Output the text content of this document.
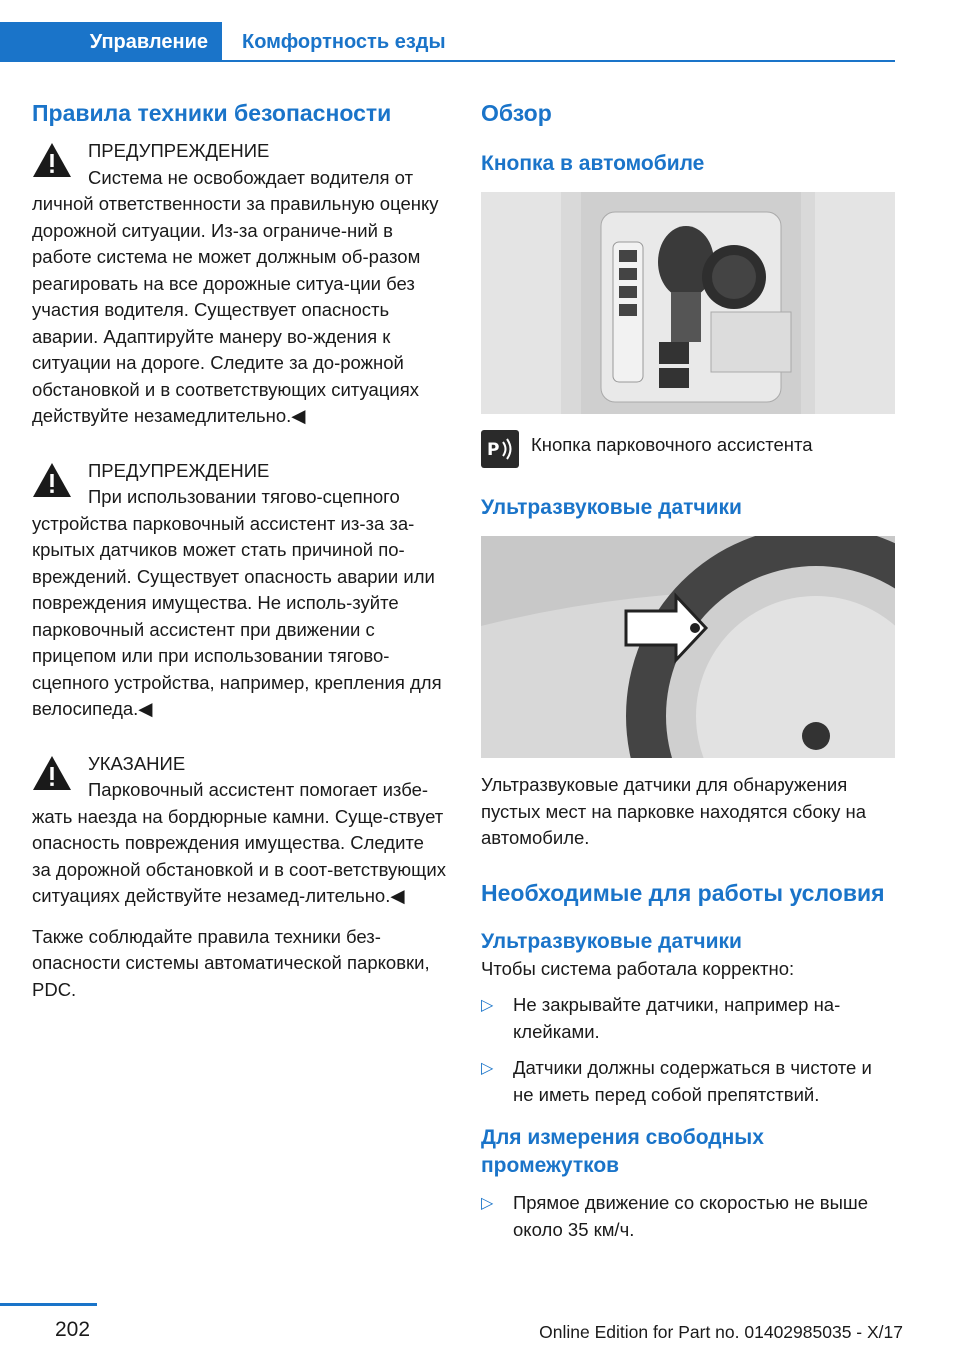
Управление	Комфортность езды
Правила техники безопасности
ПРЕДУПРЕЖДЕНИЕ
Система не освобождает водителя от личной ответственности за правильную оценку дорожной ситуации. Из-за ограниче-ний в работе система не может должным об-разом реагировать на все дорожные ситуа-ции без участия водителя. Существует опасность аварии. Адаптируйте манеру во-ждения к ситуации на дороге. Следите за до-рожной обстановкой и в соответствующих ситуациях действуйте незамедлительно.◀
ПРЕДУПРЕЖДЕНИЕ
При использовании тягово-сцепного устройства парковочный ассистент из-за за-крытых датчиков может стать причиной по-вреждений. Существует опасность аварии или повреждения имущества. Не исполь-зуйте парковочный ассистент при движении с прицепом или при использовании тягово-сцепного устройства, например, крепления для велосипеда.◀
УКАЗАНИЕ
Парковочный ассистент помогает избе-жать наезда на бордюрные камни. Суще-ствует опасность повреждения имущества. Следите за дорожной обстановкой и в соот-ветствующих ситуациях действуйте незамед-лительно.◀

Также соблюдайте правила техники без-опасности системы автоматической парковки, PDC.

Обзор
Кнопка в автомобиле
P Кнопка парковочного ассистента

Ультразвуковые датчики

Ультразвуковые датчики для обнаружения пустых мест на парковке находятся сбоку на автомобиле.

Необходимые для работы условия
Ультразвуковые датчики

Чтобы система работала корректно:

▷ Не закрывайте датчики, например на-клейками.
▷ Датчики должны содержаться в чистоте и не иметь перед собой препятствий.
Для измерения свободных промежутков
▷ Прямое движение со скоростью не выше около 35 км/ч.
202	Online Edition for Part no. 01402985035 - X/17
